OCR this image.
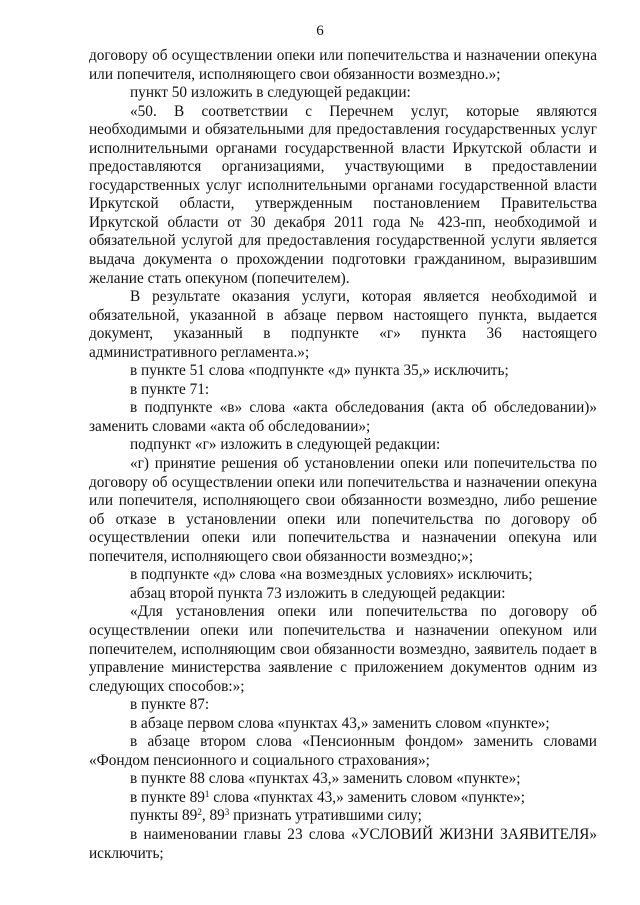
6

договору об осуществлении опеки или попечительства и назначении опекуна или попечителя, исполняющего свои обязанности возмездно.»;

пункт 50 изложить в следующей редакции:

«50. В соответствии с Перечнем услуг, которые являются необходимыми и обязательными для предоставления государственных услуг исполнительными органами государственной власти Иркутской области и предоставляются организациями, участвующими в предоставлении государственных услуг исполнительными органами государственной власти Иркутской области, утвержденным постановлением Правительства Иркутской области от 30 декабря 2011 года № 423-пп, необходимой и обязательной услугой для предоставления государственной услуги является выдача документа о прохождении подготовки гражданином, выразившим желание стать опекуном (попечителем).

В результате оказания услуги, которая является необходимой и обязательной, указанной в абзаце первом настоящего пункта, выдается документ, указанный в подпункте «г» пункта 36 настоящего административного регламента.»;

в пункте 51 слова «подпункте «д» пункта 35,» исключить;

в пункте 71:

в подпункте «в» слова «акта обследования (акта об обследовании)» заменить словами «акта об обследовании»;

подпункт «г» изложить в следующей редакции:

«г) принятие решения об установлении опеки или попечительства по договору об осуществлении опеки или попечительства и назначении опекуна или попечителя, исполняющего свои обязанности возмездно, либо решение об отказе в установлении опеки или попечительства по договору об осуществлении опеки или попечительства и назначении опекуна или попечителя, исполняющего свои обязанности возмездно;»;

в подпункте «д» слова «на возмездных условиях» исключить;

абзац второй пункта 73 изложить в следующей редакции:

«Для установления опеки или попечительства по договору об осуществлении опеки или попечительства и назначении опекуном или попечителем, исполняющим свои обязанности возмездно, заявитель подает в управление министерства заявление с приложением документов одним из следующих способов:»;

в пункте 87:

в абзаце первом слова «пунктах 43,» заменить словом «пункте»;

в абзаце втором слова «Пенсионным фондом» заменить словами «Фондом пенсионного и социального страхования»;

в пункте 88 слова «пунктах 43,» заменить словом «пункте»;

в пункте $89^1$ слова «пунктах 43,» заменить словом «пункте»;

пункты $89^2$, $89^3$ признать утратившими силу;

в наименовании главы 23 слова «УСЛОВИЙ ЖИЗНИ ЗАЯВИТЕЛЯ» исключить;
